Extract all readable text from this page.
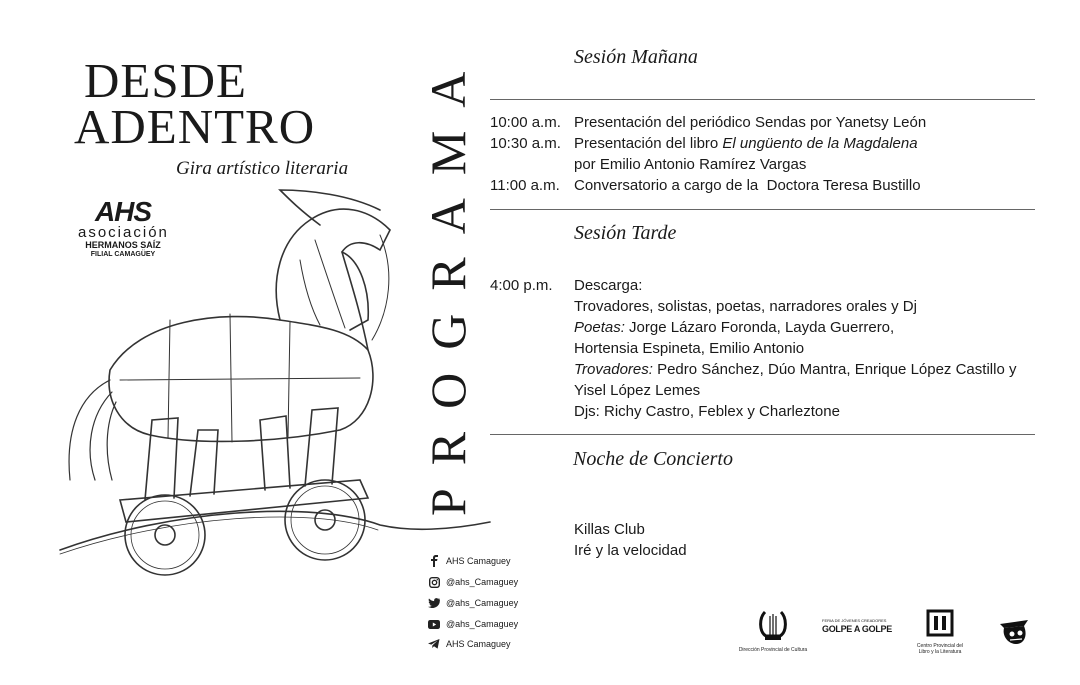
DESDE
ADENTRO
Gira artístico literaria
AHS
asociación
HERMANOS SAÍZ
FILIAL CAMAGÜEY	PROGRAMA	Sesión Mañana
10:00 a.m. Presentación del periódico Sendas por Yanetsy León
10:30 a.m. Presentación del libro El ungüento de la Magdalena
por Emilio Antonio Ramírez Vargas
11:00 a.m. Conversatorio a cargo de la  Doctora Teresa Bustillo
Sesión Tarde
4:00 p.m.	Descarga:
Trovadores, solistas, poetas, narradores orales y Dj
Poetas: Jorge Lázaro Foronda, Layda Guerrero,
Hortensia Espineta, Emilio Antonio
Trovadores: Pedro Sánchez, Dúo Mantra, Enrique López Castillo y
Yisel López Lemes
Djs: Richy Castro, Feblex y Charleztone
Noche de Concierto
Killas Club
Iré y la velocidad
AHS Camaguey
@ahs_Camaguey
@ahs_Camaguey
@ahs_Camaguey
AHS Camaguey
Dirección Provincial de Cultura
FERIA DE JÓVENES CREADORES
GOLPE A GOLPE
Centro Provincial del Libro y la Literatura
